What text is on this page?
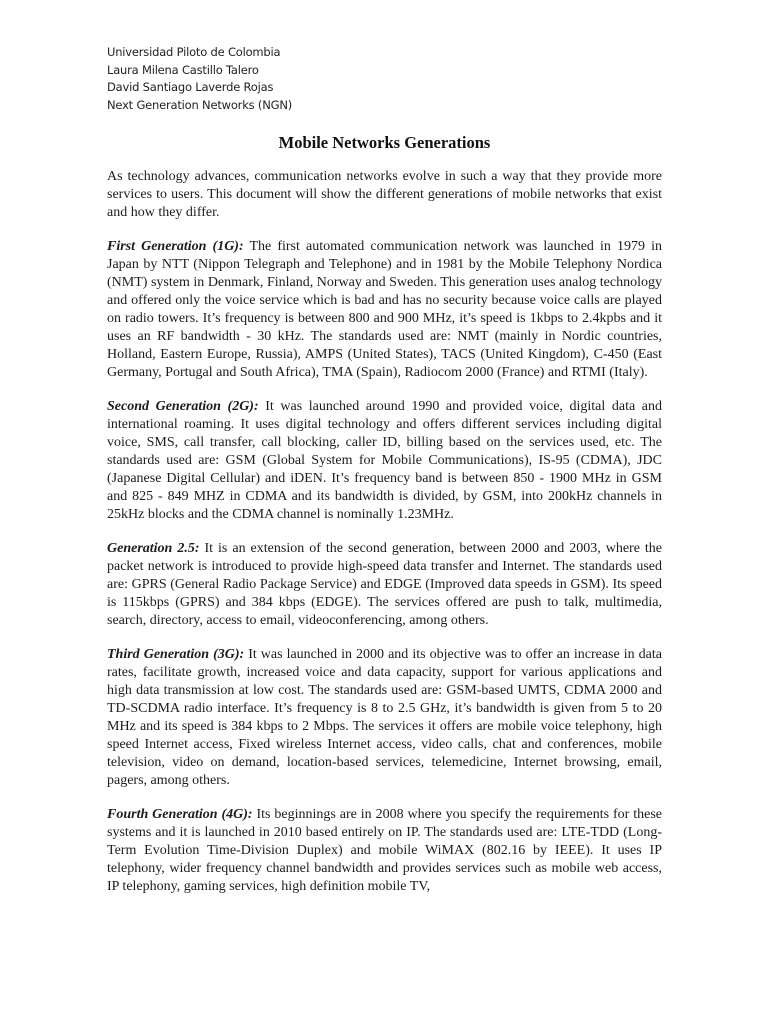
Universidad Piloto de Colombia
Laura Milena Castillo Talero
David Santiago Laverde Rojas
Next Generation Networks (NGN)
Mobile Networks Generations

As technology advances, communication networks evolve in such a way that they provide more services to users. This document will show the different generations of mobile networks that exist and how they differ.

First Generation (1G): The first automated communication network was launched in 1979 in Japan by NTT (Nippon Telegraph and Telephone) and in 1981 by the Mobile Telephony Nordica (NMT) system in Denmark, Finland, Norway and Sweden. This generation uses analog technology and offered only the voice service which is bad and has no security because voice calls are played on radio towers. It’s frequency is between 800 and 900 MHz, it’s speed is 1kbps to 2.4kpbs and it uses an RF bandwidth - 30 kHz. The standards used are: NMT (mainly in Nordic countries, Holland, Eastern Europe, Russia), AMPS (United States), TACS (United Kingdom), C-450 (East Germany, Portugal and South Africa), TMA (Spain), Radiocom 2000 (France) and RTMI (Italy).

Second Generation (2G): It was launched around 1990 and provided voice, digital data and international roaming. It uses digital technology and offers different services including digital voice, SMS, call transfer, call blocking, caller ID, billing based on the services used, etc. The standards used are: GSM (Global System for Mobile Communications), IS-95 (CDMA), JDC (Japanese Digital Cellular) and iDEN. It’s frequency band is between 850 - 1900 MHz in GSM and 825 - 849 MHZ in CDMA and its bandwidth is divided, by GSM, into 200kHz channels in 25kHz blocks and the CDMA channel is nominally 1.23MHz.

Generation 2.5: It is an extension of the second generation, between 2000 and 2003, where the packet network is introduced to provide high-speed data transfer and Internet. The standards used are: GPRS (General Radio Package Service) and EDGE (Improved data speeds in GSM). Its speed is 115kbps (GPRS) and 384 kbps (EDGE). The services offered are push to talk, multimedia, search, directory, access to email, videoconferencing, among others.

Third Generation (3G): It was launched in 2000 and its objective was to offer an increase in data rates, facilitate growth, increased voice and data capacity, support for various applications and high data transmission at low cost. The standards used are: GSM-based UMTS, CDMA 2000 and TD-SCDMA radio interface. It’s frequency is 8 to 2.5 GHz, it’s bandwidth is given from 5 to 20 MHz and its speed is 384 kbps to 2 Mbps. The services it offers are mobile voice telephony, high speed Internet access, Fixed wireless Internet access, video calls, chat and conferences, mobile television, video on demand, location-based services, telemedicine, Internet browsing, email, pagers, among others.

Fourth Generation (4G): Its beginnings are in 2008 where you specify the requirements for these systems and it is launched in 2010 based entirely on IP. The standards used are: LTE-TDD (Long-Term Evolution Time-Division Duplex) and mobile WiMAX (802.16 by IEEE). It uses IP telephony, wider frequency channel bandwidth and provides services such as mobile web access, IP telephony, gaming services, high definition mobile TV,
